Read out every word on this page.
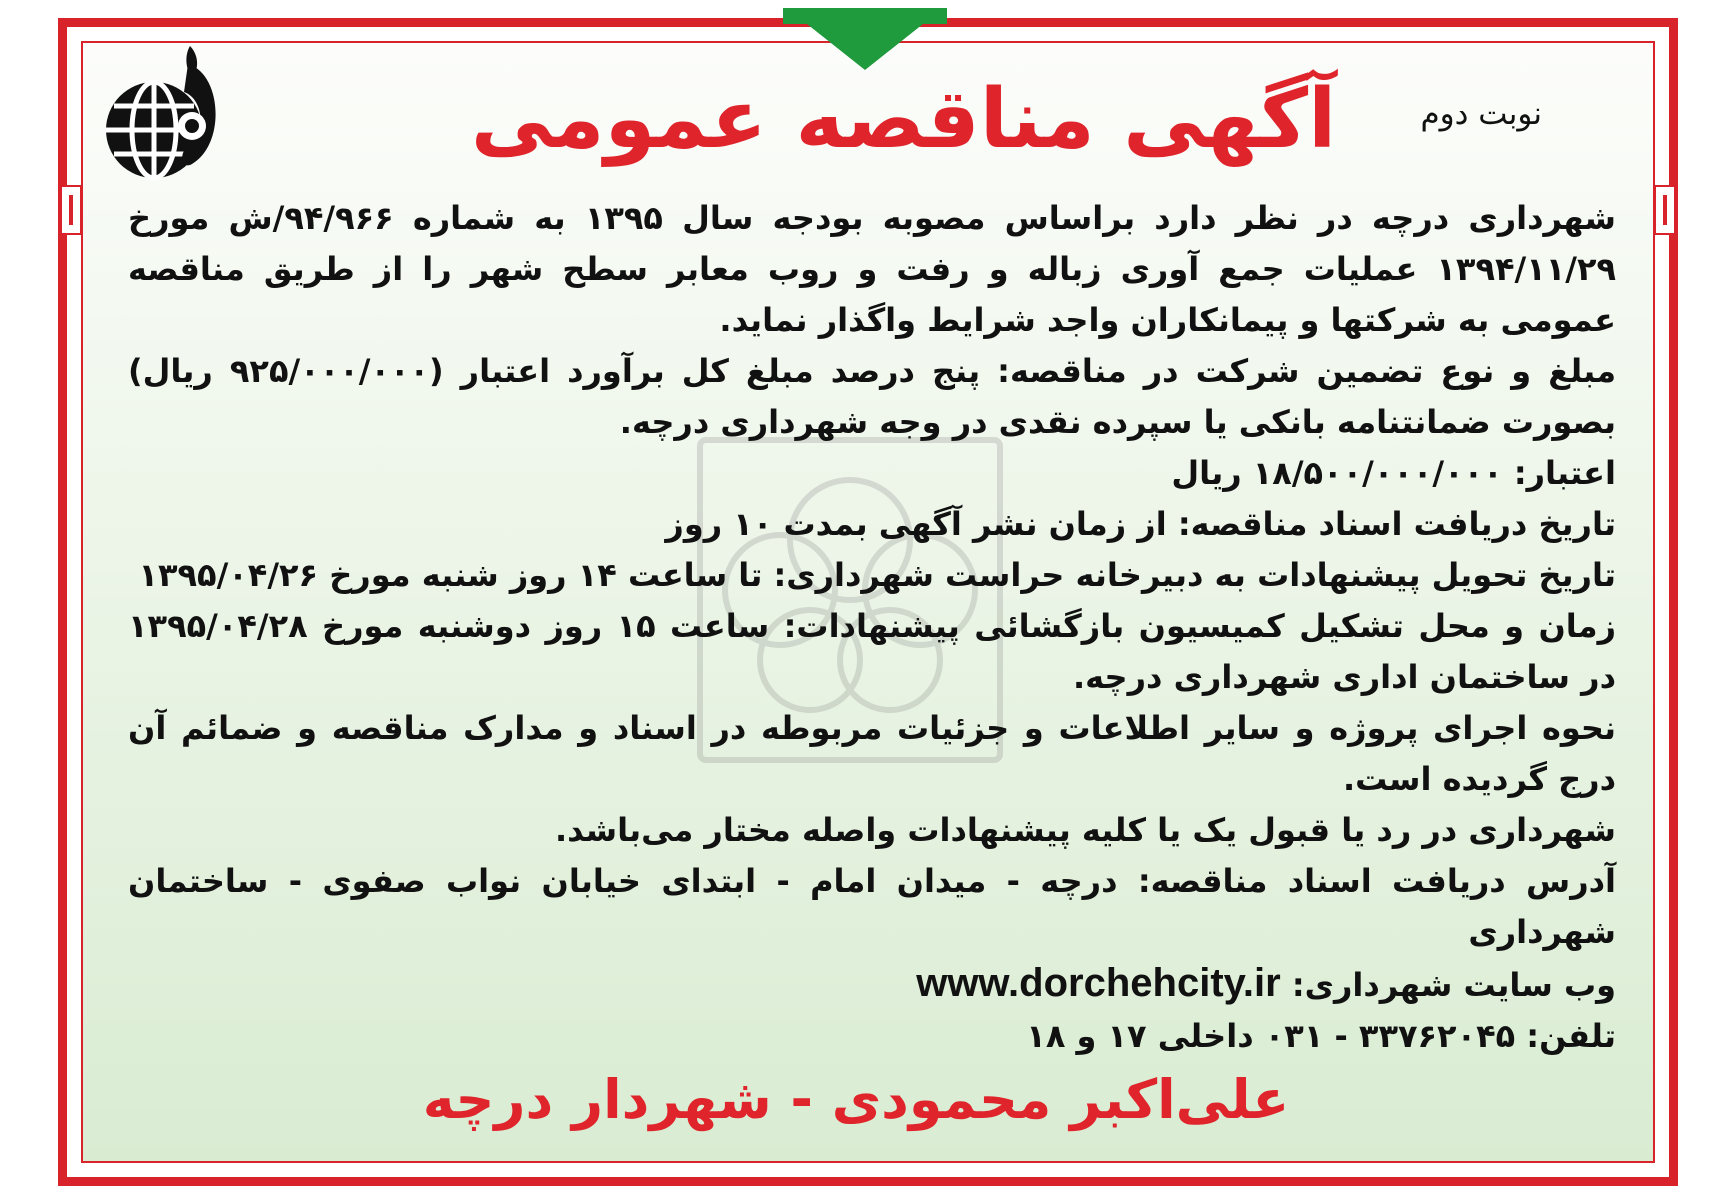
نوبت دوم
آگهی مناقصه عمومی

شهرداری درچه در نظر دارد براساس مصوبه بودجه سال ۱۳۹۵ به شماره ۹۴/۹۶۶/ش مورخ ۱۳۹۴/۱۱/۲۹ عملیات جمع آوری زباله و رفت و روب معابر سطح شهر را از طریق مناقصه عمومی به شرکتها و پیمانکاران واجد شرایط واگذار نماید.

مبلغ و نوع تضمین شرکت در مناقصه: پنج درصد مبلغ کل برآورد اعتبار (۹۲۵/۰۰۰/۰۰۰ ریال) بصورت ضمانتنامه بانکی یا سپرده نقدی در وجه شهرداری درچه.

اعتبار: ۱۸/۵۰۰/۰۰۰/۰۰۰ ریال

تاریخ دریافت اسناد مناقصه: از زمان نشر آگهی بمدت ۱۰ روز

تاریخ تحویل پیشنهادات به دبیرخانه حراست شهرداری: تا ساعت ۱۴ روز شنبه مورخ ۱۳۹۵/۰۴/۲۶

زمان و محل تشکیل کمیسیون بازگشائی پیشنهادات: ساعت ۱۵ روز دوشنبه مورخ ۱۳۹۵/۰۴/۲۸ در ساختمان اداری شهرداری درچه.

نحوه اجرای پروژه و سایر اطلاعات و جزئیات مربوطه در اسناد و مدارک مناقصه و ضمائم آن درج گردیده است.

شهرداری در رد یا قبول یک یا کلیه پیشنهادات واصله مختار می‌باشد.

آدرس دریافت اسناد مناقصه: درچه - میدان امام - ابتدای خیابان نواب صفوی - ساختمان شهرداری

وب سایت شهرداری: www.dorchehcity.ir

تلفن: ۳۳۷۶۲۰۴۵ - ۰۳۱ داخلی ۱۷ و ۱۸

علی‌اکبر محمودی - شهردار درچه
